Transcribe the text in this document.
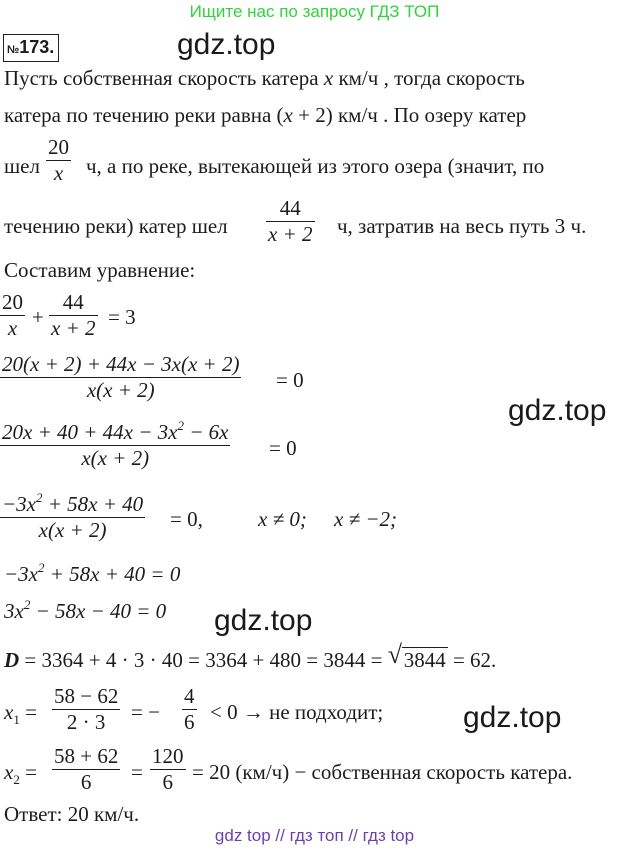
Ищите нас по запросу ГДЗ ТОП
№173.	gdz.top
gdz.top
gdz.top
gdz.top
Пусть собственная скорость катера x км/ч , тогда скорость
катера по течению реки равна (x + 2) км/ч . По озеру катер
шел
20
x	ч, а по реке, вытекающей из этого озера (значит, по
течению реки) катер шел
44
x + 2 ч, затратив на весь путь 3 ч.
Составим уравнение:
20
x +
44
x + 2 = 3
20(x + 2) + 44x − 3x(x + 2)
x(x + 2)	= 0
$20x + 40 + 44x - 3x^2 - 6x$
x(x + 2)	= 0
$-3x^2 + 58x + 40$
x(x + 2)	= 0,	x ≠ 0; x ≠ −2;
$-3x^2 + 58x + 40 = 0$
$3x^2 - 58x - 40 = 0$
D = 3364 + 4 · 3 · 40 = 3364 + 480 = 3844 = √ 3844 = 62.
$x_1$ =
58 − 62
2 · 3	= −
4
6 < 0 → не подходит;
$x_2$ =
58 + 62
6	=
120
6 = 20 (км/ч) − собственная скорость катера.
Ответ: 20 км/ч.
gdz top // гдз топ // гдз top
